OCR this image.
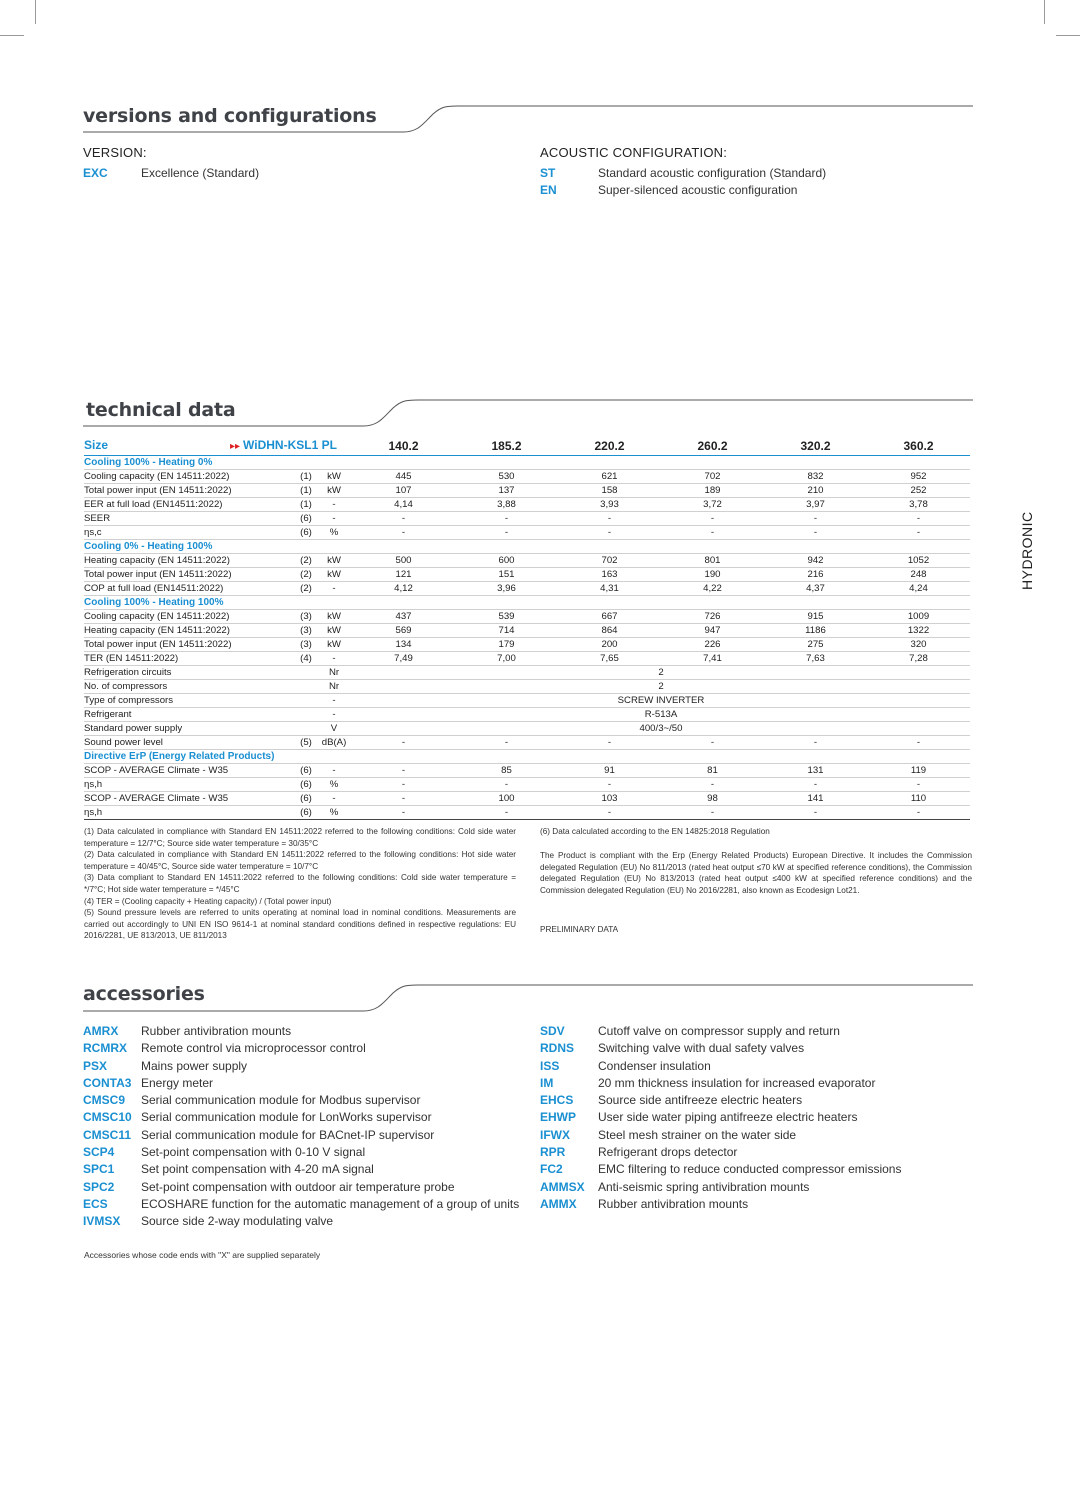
versions and configurations
VERSION:
EXC	Excellence (Standard)
ACOUSTIC CONFIGURATION:
ST	Standard acoustic configuration (Standard)
EN	Super-silenced acoustic configuration
technical data
Size ▸▸ WiDHN-KSL1 PL			140.2	185.2	220.2	260.2	320.2	360.2
Cooling 100% - Heating 0%								
Cooling capacity (EN 14511:2022)	(1)	kW	445	530	621	702	832	952
Total power input (EN 14511:2022)	(1)	kW	107	137	158	189	210	252
EER at full load (EN14511:2022)	(1)	-	4,14	3,88	3,93	3,72	3,97	3,78
SEER	(6)	-	-	-	-	-	-	-
ηs,c	(6)	%	-	-	-	-	-	-
Cooling 0% - Heating 100%								
Heating capacity (EN 14511:2022)	(2)	kW	500	600	702	801	942	1052
Total power input (EN 14511:2022)	(2)	kW	121	151	163	190	216	248
COP at full load (EN14511:2022)	(2)	-	4,12	3,96	4,31	4,22	4,37	4,24
Cooling 100% - Heating 100%								
Cooling capacity (EN 14511:2022)	(3)	kW	437	539	667	726	915	1009
Heating capacity (EN 14511:2022)	(3)	kW	569	714	864	947	1186	1322
Total power input (EN 14511:2022)	(3)	kW	134	179	200	226	275	320
TER (EN 14511:2022)	(4)	-	7,49	7,00	7,65	7,41	7,63	7,28
Refrigeration circuits		Nr	2					
No. of compressors		Nr	2					
Type of compressors		-	SCREW INVERTER					
Refrigerant		-	R-513A					
Standard power supply		V	400/3~/50					
Sound power level	(5)	dB(A)	-	-	-	-	-	-
Directive ErP (Energy Related Products)								
SCOP - AVERAGE Climate - W35	(6)	-	-	85	91	81	131	119
ηs,h	(6)	%	-	-	-	-	-	-
SCOP - AVERAGE Climate - W35	(6)	-	-	100	103	98	141	110
ηs,h	(6)	%	-	-	-	-	-	-
(1) Data calculated in compliance with Standard EN 14511:2022 referred to the following conditions: Cold side water temperature = 12/7°C; Source side water temperature = 30/35°C
(2) Data calculated in compliance with Standard EN 14511:2022 referred to the following conditions: Hot side water temperature = 40/45°C, Source side water temperature = 10/7°C
(3) Data compliant to Standard EN 14511:2022 referred to the following conditions: Cold side water temperature = */7°C; Hot side water temperature = */45°C
(4) TER = (Cooling capacity + Heating capacity) / (Total power input)
(5) Sound pressure levels are referred to units operating at nominal load in nominal conditions. Measurements are carried out accordingly to UNI EN ISO 9614-1 at nominal standard conditions defined in respective regulations: EU 2016/2281, UE 813/2013, UE 811/2013
(6) Data calculated according to the EN 14825:2018 Regulation
The Product is compliant with the Erp (Energy Related Products) European Directive. It includes the Commission delegated Regulation (EU) No 811/2013 (rated heat output ≤70 kW at specified reference conditions), the Commission delegated Regulation (EU) No 813/2013 (rated heat output ≤400 kW at specified reference conditions) and the Commission delegated Regulation (EU) No 2016/2281, also known as Ecodesign Lot21.
PRELIMINARY DATA
accessories
AMRX	Rubber antivibration mounts
RCMRX	Remote control via microprocessor control
PSX	Mains power supply
CONTA3 Energy meter
CMSC9	Serial communication module for Modbus supervisor
CMSC10 Serial communication module for LonWorks supervisor
CMSC11 Serial communication module for BACnet-IP supervisor
SCP4	Set-point compensation with 0-10 V signal
SPC1	Set point compensation with 4-20 mA signal
SPC2	Set-point compensation with outdoor air temperature probe
ECS	ECOSHARE function for the automatic management of a group of units
IVMSX	Source side 2-way modulating valve
SDV	Cutoff valve on compressor supply and return
RDNS	Switching valve with dual safety valves
ISS	Condenser insulation
IM	20 mm thickness insulation for increased evaporator
EHCS	Source side antifreeze electric heaters
EHWP	User side water piping antifreeze electric heaters
IFWX	Steel mesh strainer on the water side
RPR	Refrigerant drops detector
FC2	EMC filtering to reduce conducted compressor emissions
AMMSX	Anti-seismic spring antivibration mounts
AMMX	Rubber antivibration mounts
Accessories whose code ends with "X" are supplied separately
HYDRONIC
